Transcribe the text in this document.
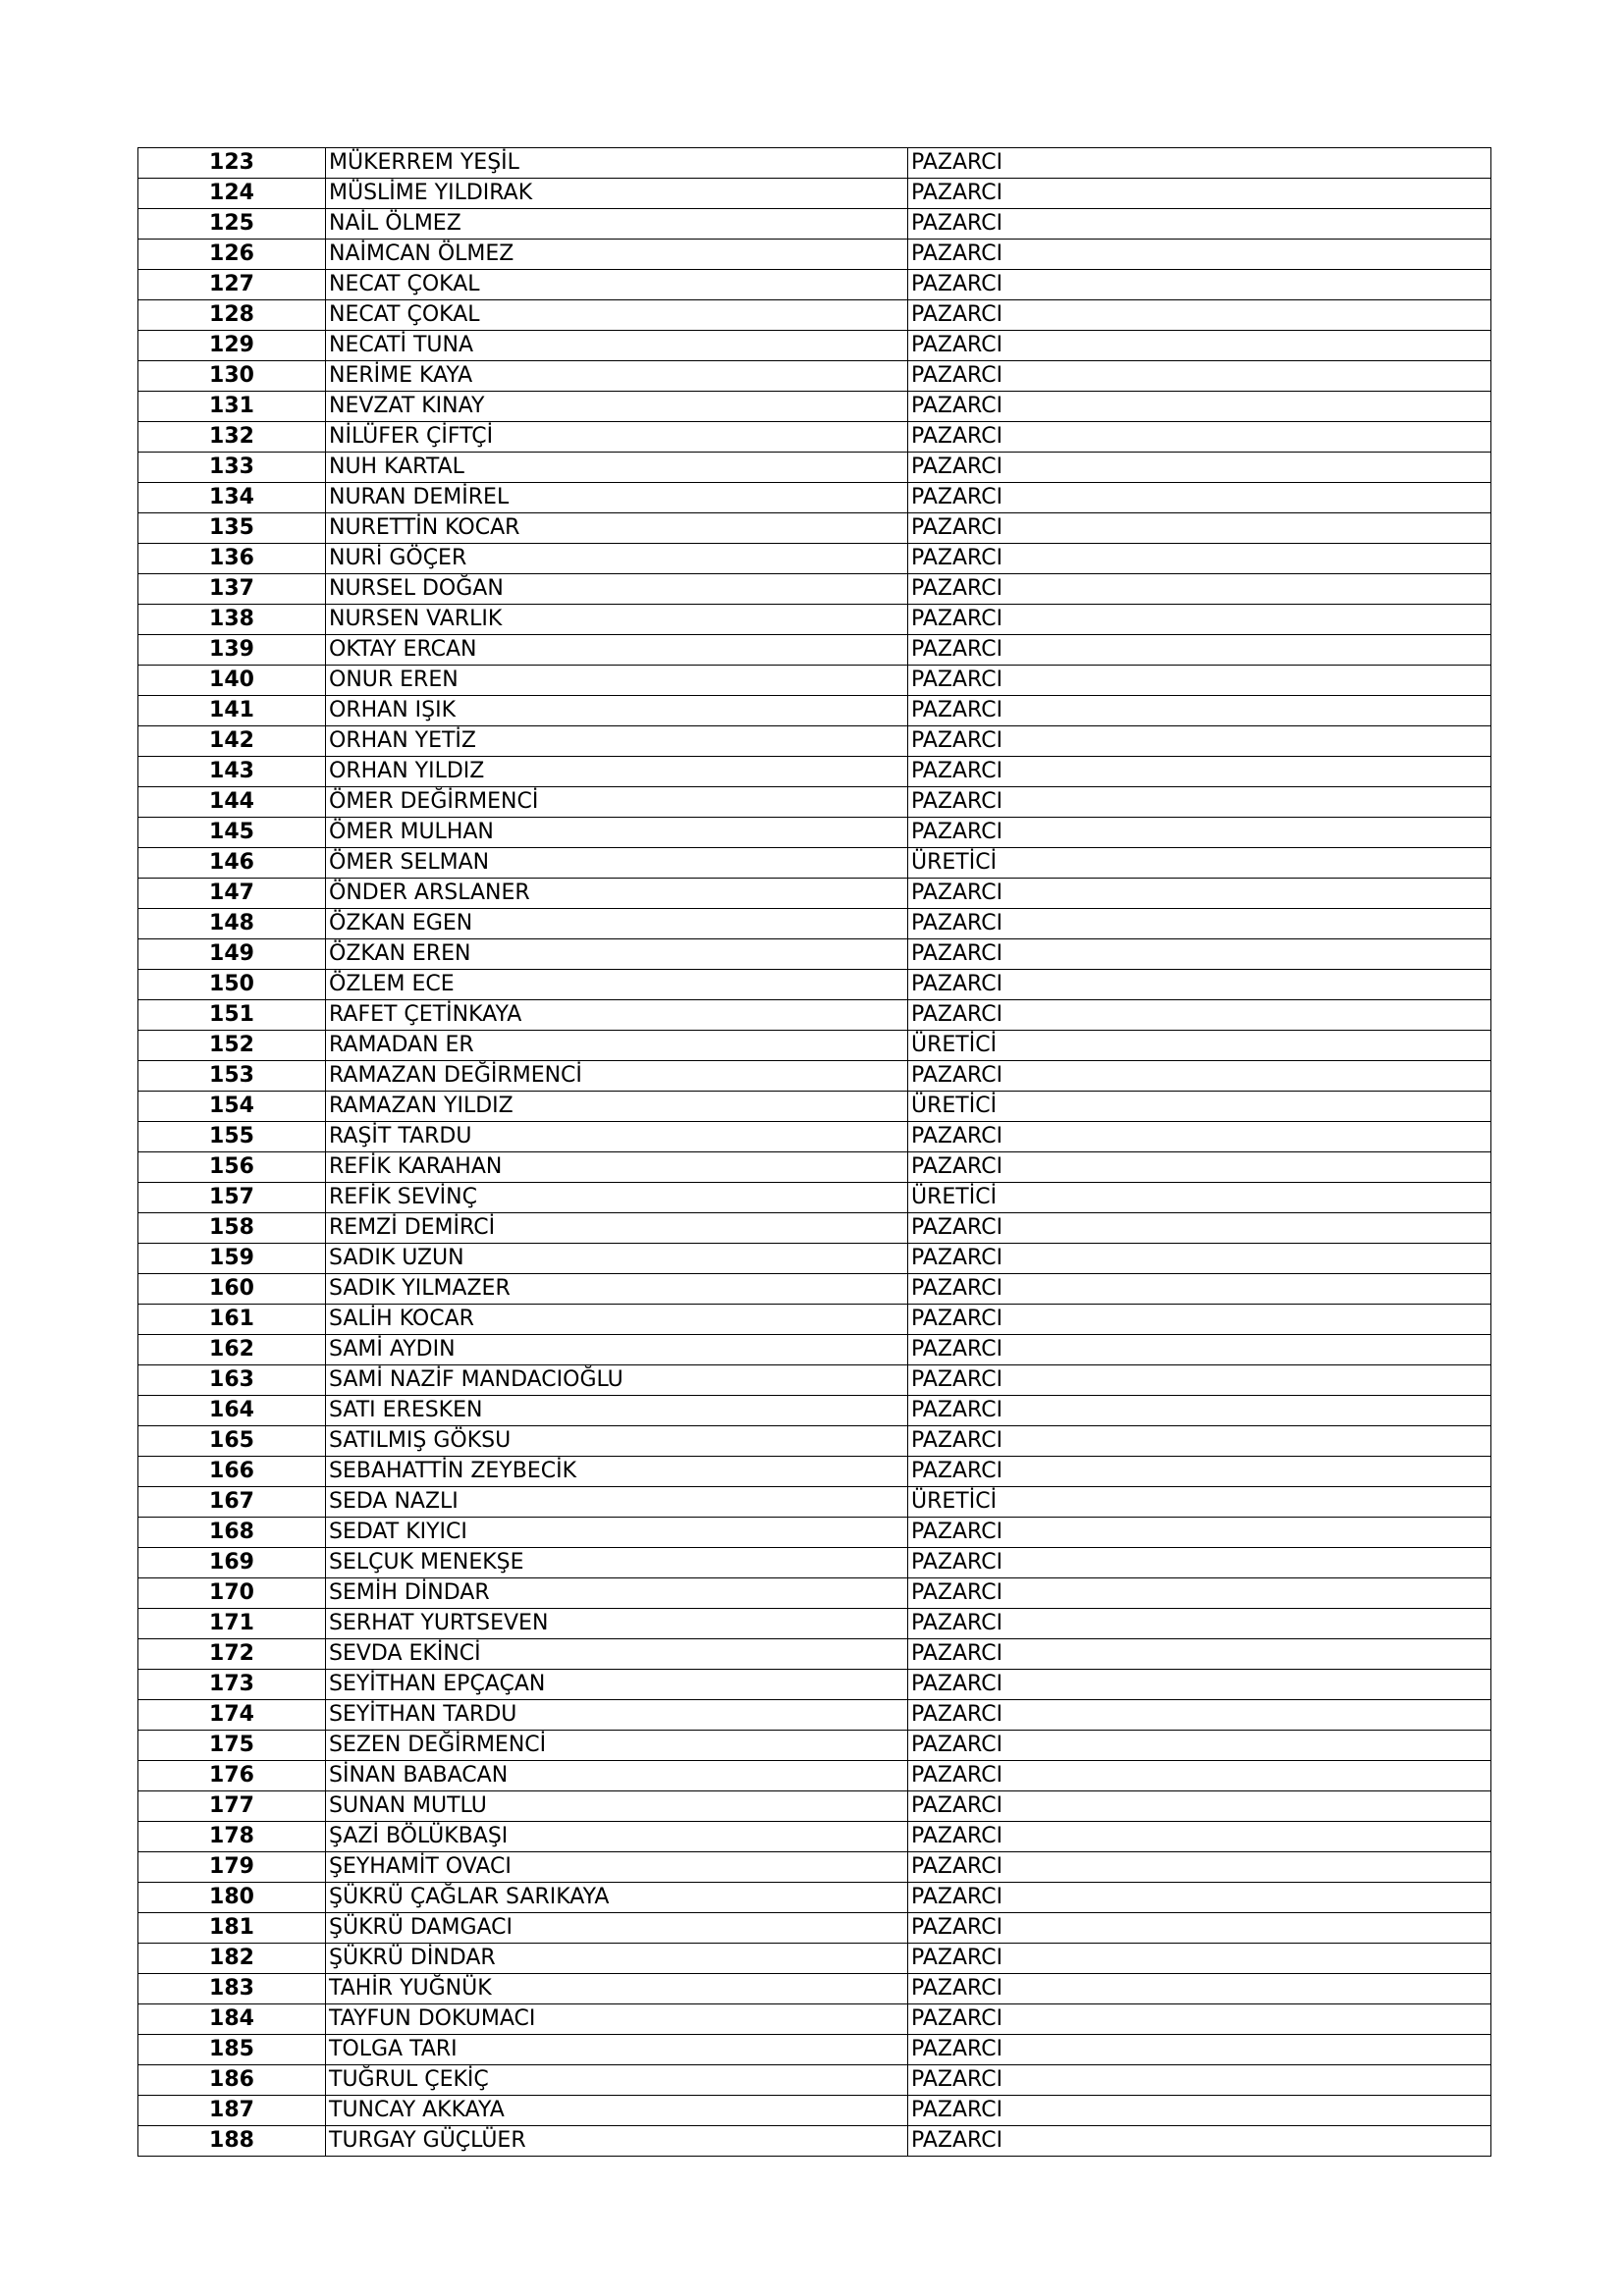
123	MÜKERREM YEŞİL	PAZARCI
124	MÜSLİME YILDIRAK	PAZARCI
125	NAİL ÖLMEZ	PAZARCI
126	NAİMCAN ÖLMEZ	PAZARCI
127	NECAT ÇOKAL	PAZARCI
128	NECAT ÇOKAL	PAZARCI
129	NECATİ TUNA	PAZARCI
130	NERİME KAYA	PAZARCI
131	NEVZAT KINAY	PAZARCI
132	NİLÜFER ÇİFTÇİ	PAZARCI
133	NUH KARTAL	PAZARCI
134	NURAN DEMİREL	PAZARCI
135	NURETTİN KOCAR	PAZARCI
136	NURİ GÖÇER	PAZARCI
137	NURSEL DOĞAN	PAZARCI
138	NURSEN VARLIK	PAZARCI
139	OKTAY ERCAN	PAZARCI
140	ONUR EREN	PAZARCI
141	ORHAN IŞIK	PAZARCI
142	ORHAN YETİZ	PAZARCI
143	ORHAN YILDIZ	PAZARCI
144	ÖMER DEĞİRMENCİ	PAZARCI
145	ÖMER MULHAN	PAZARCI
146	ÖMER SELMAN	ÜRETİCİ
147	ÖNDER ARSLANER	PAZARCI
148	ÖZKAN EGEN	PAZARCI
149	ÖZKAN EREN	PAZARCI
150	ÖZLEM ECE	PAZARCI
151	RAFET ÇETİNKAYA	PAZARCI
152	RAMADAN ER	ÜRETİCİ
153	RAMAZAN DEĞİRMENCİ	PAZARCI
154	RAMAZAN YILDIZ	ÜRETİCİ
155	RAŞİT TARDU	PAZARCI
156	REFİK KARAHAN	PAZARCI
157	REFİK SEVİNÇ	ÜRETİCİ
158	REMZİ DEMİRCİ	PAZARCI
159	SADIK UZUN	PAZARCI
160	SADIK YILMAZER	PAZARCI
161	SALİH KOCAR	PAZARCI
162	SAMİ AYDIN	PAZARCI
163	SAMİ NAZİF MANDACIOĞLU	PAZARCI
164	SATI ERESKEN	PAZARCI
165	SATILMIŞ GÖKSU	PAZARCI
166	SEBAHATTİN ZEYBECİK	PAZARCI
167	SEDA NAZLI	ÜRETİCİ
168	SEDAT KIYICI	PAZARCI
169	SELÇUK MENEKŞE	PAZARCI
170	SEMİH DİNDAR	PAZARCI
171	SERHAT YURTSEVEN	PAZARCI
172	SEVDA EKİNCİ	PAZARCI
173	SEYİTHAN EPÇAÇAN	PAZARCI
174	SEYİTHAN TARDU	PAZARCI
175	SEZEN DEĞİRMENCİ	PAZARCI
176	SİNAN BABACAN	PAZARCI
177	SUNAN MUTLU	PAZARCI
178	ŞAZİ BÖLÜKBAŞI	PAZARCI
179	ŞEYHAMİT OVACI	PAZARCI
180	ŞÜKRÜ ÇAĞLAR SARIKAYA	PAZARCI
181	ŞÜKRÜ DAMGACI	PAZARCI
182	ŞÜKRÜ DİNDAR	PAZARCI
183	TAHİR YUĞNÜK	PAZARCI
184	TAYFUN DOKUMACI	PAZARCI
185	TOLGA TARI	PAZARCI
186	TUĞRUL ÇEKİÇ	PAZARCI
187	TUNCAY AKKAYA	PAZARCI
188	TURGAY GÜÇLÜER	PAZARCI
